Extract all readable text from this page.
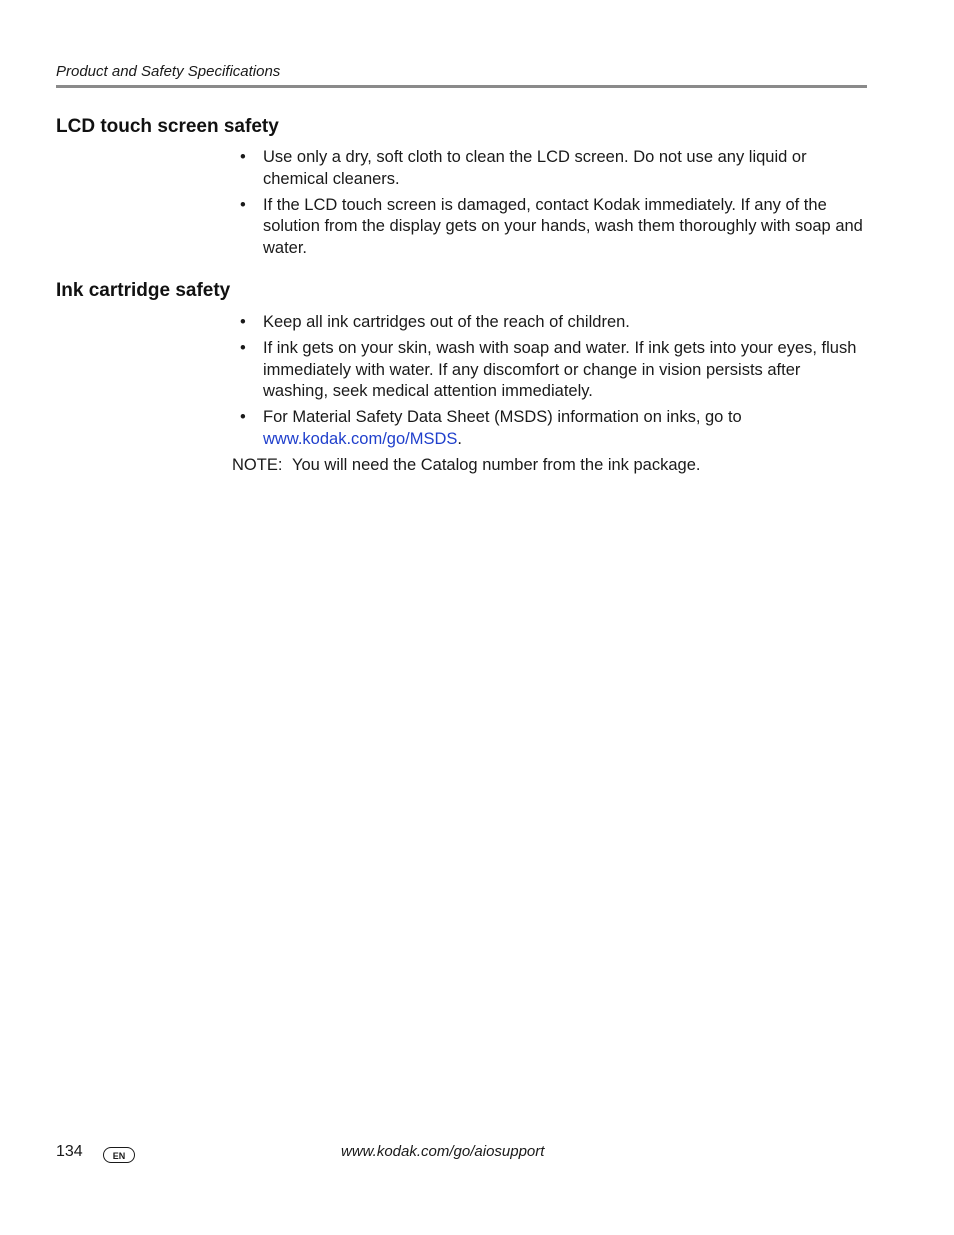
Product and Safety Specifications
LCD touch screen safety
• Use only a dry, soft cloth to clean the LCD screen. Do not use any liquid or chemical cleaners.
• If the LCD touch screen is damaged, contact Kodak immediately. If any of the solution from the display gets on your hands, wash them thoroughly with soap and water.
Ink cartridge safety
• Keep all ink cartridges out of the reach of children.
• If ink gets on your skin, wash with soap and water. If ink gets into your eyes, flush immediately with water. If any discomfort or change in vision persists after washing, seek medical attention immediately.
• For Material Safety Data Sheet (MSDS) information on inks, go to www.kodak.com/go/MSDS.
NOTE: You will need the Catalog number from the ink package.
134	EN	www.kodak.com/go/aiosupport
